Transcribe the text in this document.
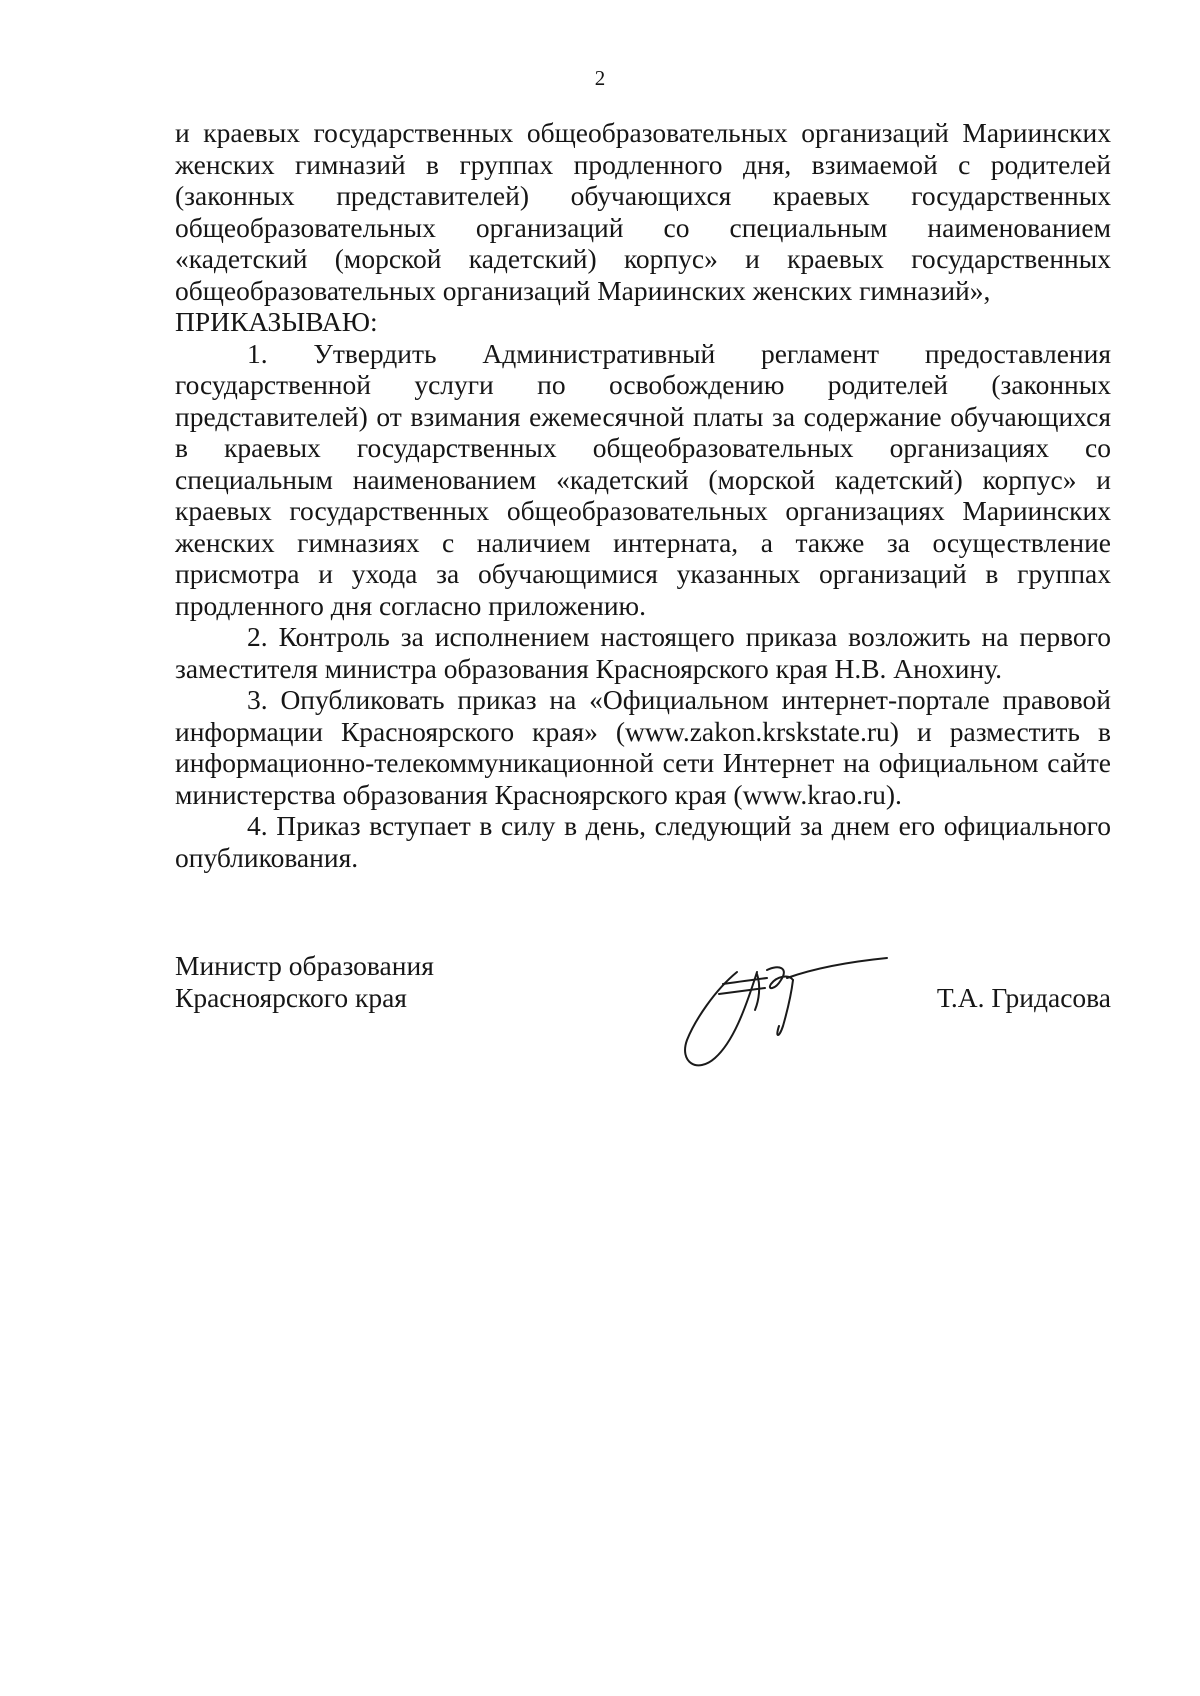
2

и краевых государственных общеобразовательных организаций Мариинских женских гимназий в группах продленного дня, взимаемой с родителей (законных представителей) обучающихся краевых государственных общеобразовательных организаций со специальным наименованием «кадетский (морской кадетский) корпус» и краевых государственных общеобразовательных организаций Мариинских женских гимназий»,

ПРИКАЗЫВАЮ:

1. Утвердить Административный регламент предоставления государственной услуги по освобождению родителей (законных представителей) от взимания ежемесячной платы за содержание обучающихся в краевых государственных общеобразовательных организациях со специальным наименованием «кадетский (морской кадетский) корпус» и краевых государственных общеобразовательных организациях Мариинских женских гимназиях с наличием интерната, а также за осуществление присмотра и ухода за обучающимися указанных организаций в группах продленного дня согласно приложению.

2. Контроль за исполнением настоящего приказа возложить на первого заместителя министра образования Красноярского края Н.В. Анохину.

3. Опубликовать приказ на «Официальном интернет-портале правовой информации Красноярского края» (www.zakon.krskstate.ru) и разместить в информационно-телекоммуникационной сети Интернет на официальном сайте министерства образования Красноярского края (www.krao.ru).

4. Приказ вступает в силу в день, следующий за днем его официального опубликования.

Министр образования
Красноярского края	Т.А. Гридасова
